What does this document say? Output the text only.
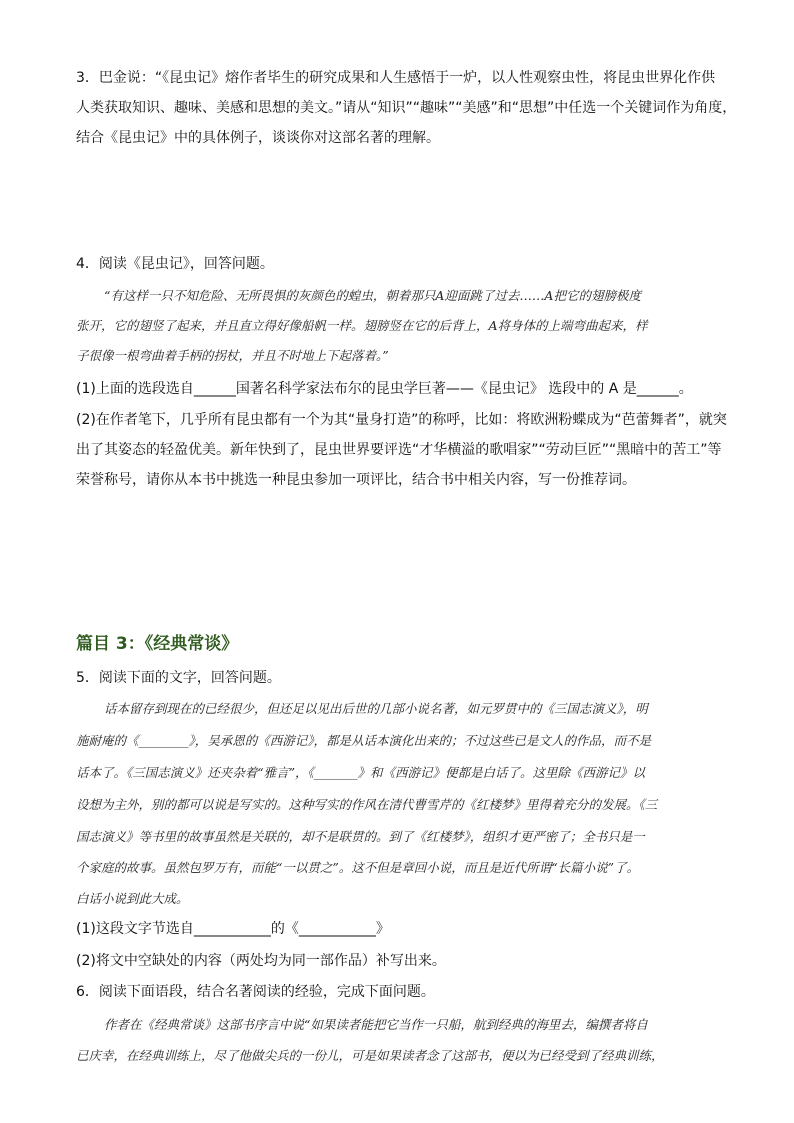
3．巴金说：“《昆虫记》熔作者毕生的研究成果和人生感悟于一炉，以人性观察虫性，将昆虫世界化作供
人类获取知识、趣味、美感和思想的美文。”请从“知识”“趣味”“美感”和“思想”中任选一个关键词作为角度，
结合《昆虫记》中的具体例子，谈谈你对这部名著的理解。
4．阅读《昆虫记》，回答问题。
“有这样一只不知危险、无所畏惧的灰颜色的蝗虫，朝着那只A迎面跳了过去……A把它的翅膀极度
张开，它的翅竖了起来，并且直立得好像船帆一样。翅膀竖在它的后背上，A将身体的上端弯曲起来，样
子很像一根弯曲着手柄的拐杖，并且不时地上下起落着。”
(1)上面的选段选自______国著名科学家法布尔的昆虫学巨著——《昆虫记》 选段中的 A 是______。
(2)在作者笔下，几乎所有昆虫都有一个为其“量身打造”的称呼，比如：将欧洲粉蝶成为“芭蕾舞者”，就突
出了其姿态的轻盈优美。新年快到了，昆虫世界要评选“才华横溢的歌唱家”“劳动巨匠”“黑暗中的苦工”等
荣誉称号，请你从本书中挑选一种昆虫参加一项评比，结合书中相关内容，写一份推荐词。
篇目 3：《经典常谈》
5．阅读下面的文字，回答问题。
话本留存到现在的已经很少，但还足以见出后世的几部小说名著，如元罗贯中的《三国志演义》，明
施耐庵的《________》，吴承恩的《西游记》，都是从话本演化出来的；不过这些已是文人的作品，而不是
话本了。《三国志演义》还夹杂着“雅言”，《_______》和《西游记》便都是白话了。这里除《西游记》以
设想为主外，别的都可以说是写实的。这种写实的作风在清代曹雪芹的《红楼梦》里得着充分的发展。《三
国志演义》等书里的故事虽然是关联的，却不是联贯的。到了《红楼梦》，组织才更严密了；全书只是一
个家庭的故事。虽然包罗万有，而能“一以贯之”。这不但是章回小说，而且是近代所谓“长篇小说”了。
白话小说到此大成。
(1)这段文字节选自___________的《___________》
(2)将文中空缺处的内容（两处均为同一部作品）补写出来。
6．阅读下面语段，结合名著阅读的经验，完成下面问题。
作者在《经典常谈》这部书序言中说“如果读者能把它当作一只船，航到经典的海里去，编撰者将自
已庆幸，在经典训练上，尽了他做尖兵的一份儿，可是如果读者念了这部书，便以为已经受到了经典训练，
